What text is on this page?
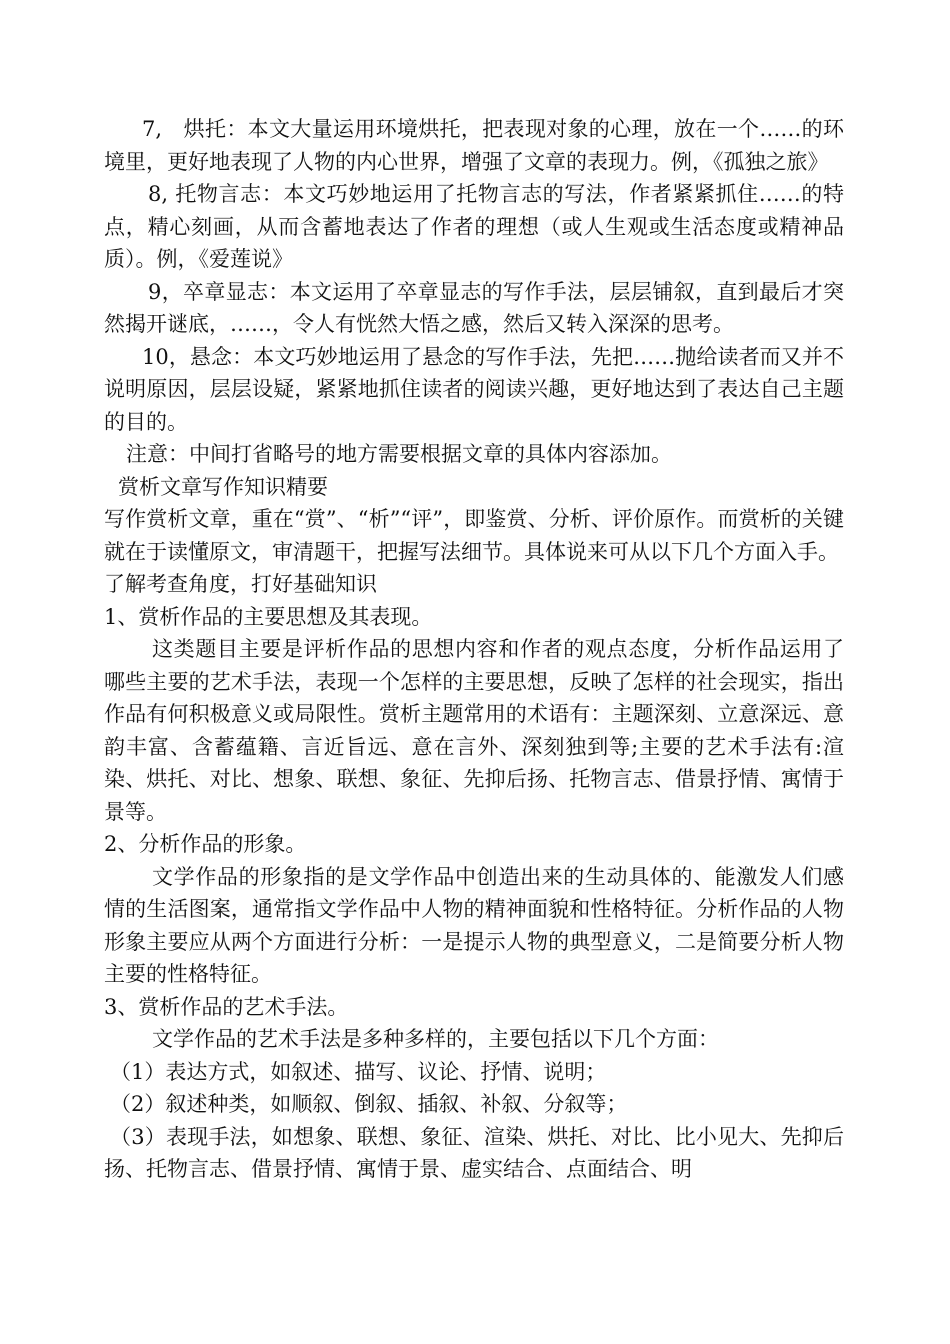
7,　烘托：本文大量运用环境烘托，把表现对象的心理，放在一个……的环境里，更好地表现了人物的内心世界，增强了文章的表现力。例，《孤独之旅》

8, 托物言志：本文巧妙地运用了托物言志的写法，作者紧紧抓住……的特点，精心刻画，从而含蓄地表达了作者的理想（或人生观或生活态度或精神品质）。例，《爱莲说》

9，卒章显志：本文运用了卒章显志的写作手法，层层铺叙，直到最后才突然揭开谜底，……，令人有恍然大悟之感，然后又转入深深的思考。

10，悬念：本文巧妙地运用了悬念的写作手法，先把……抛给读者而又并不说明原因，层层设疑，紧紧地抓住读者的阅读兴趣，更好地达到了表达自己主题的目的。

注意：中间打省略号的地方需要根据文章的具体内容添加。

赏析文章写作知识精要

写作赏析文章，重在“赏”、“析”“评”，即鉴赏、分析、评价原作。而赏析的关键就在于读懂原文，审清题干，把握写法细节。具体说来可从以下几个方面入手。

了解考查角度，打好基础知识

1、赏析作品的主要思想及其表现。

这类题目主要是评析作品的思想内容和作者的观点态度，分析作品运用了哪些主要的艺术手法，表现一个怎样的主要思想，反映了怎样的社会现实，指出作品有何积极意义或局限性。赏析主题常用的术语有：主题深刻、立意深远、意韵丰富、含蓄蕴籍、言近旨远、意在言外、深刻独到等;主要的艺术手法有:渲染、烘托、对比、想象、联想、象征、先抑后扬、托物言志、借景抒情、寓情于景等。

2、分析作品的形象。

文学作品的形象指的是文学作品中创造出来的生动具体的、能激发人们感情的生活图案，通常指文学作品中人物的精神面貌和性格特征。分析作品的人物形象主要应从两个方面进行分析：一是提示人物的典型意义，二是简要分析人物主要的性格特征。

3、赏析作品的艺术手法。

文学作品的艺术手法是多种多样的，主要包括以下几个方面：

（1）表达方式，如叙述、描写、议论、抒情、说明；

（2）叙述种类，如顺叙、倒叙、插叙、补叙、分叙等；

（3）表现手法，如想象、联想、象征、渲染、烘托、对比、比小见大、先抑后扬、托物言志、借景抒情、寓情于景、虚实结合、点面结合、明
